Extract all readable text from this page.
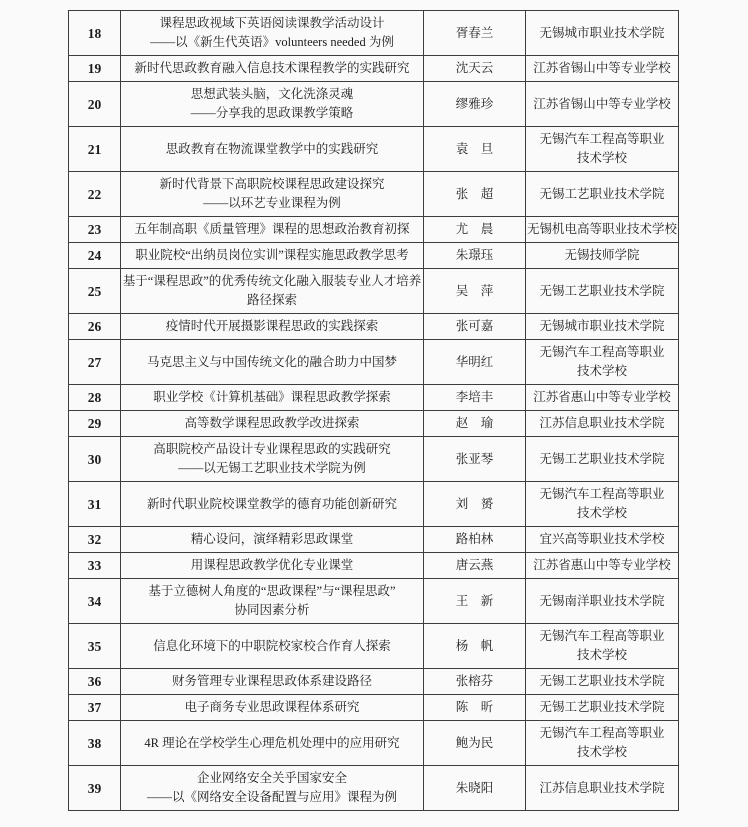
18	课程思政视域下英语阅读课教学活动设计
——以《新生代英语》volunteers needed 为例	胥春兰	无锡城市职业技术学院

19	新时代思政教育融入信息技术课程教学的实践研究	沈天云	江苏省锡山中等专业学校

20	思想武装头脑，文化洗涤灵魂
——分享我的思政课教学策略	缪雅珍	江苏省锡山中等专业学校

21	思政教育在物流课堂教学中的实践研究	袁　旦	无锡汽车工程高等职业
技术学校

22	新时代背景下高职院校课程思政建设探究
——以环艺专业课程为例	张　超	无锡工艺职业技术学院

23	五年制高职《质量管理》课程的思想政治教育初探	尤　晨	无锡机电高等职业技术学校

24	职业院校“出纳员岗位实训”课程实施思政教学思考	朱璟珏	无锡技师学院

25	基于“课程思政”的优秀传统文化融入服装专业人才培养
路径探索	吴　萍	无锡工艺职业技术学院

26	疫情时代开展摄影课程思政的实践探索	张可嘉	无锡城市职业技术学院

27	马克思主义与中国传统文化的融合助力中国梦	华明红	无锡汽车工程高等职业
技术学校

28	职业学校《计算机基础》课程思政教学探索	李培丰	江苏省惠山中等专业学校

29	高等数学课程思政教学改进探索	赵　瑜	江苏信息职业技术学院

30	高职院校产品设计专业课程思政的实践研究
——以无锡工艺职业技术学院为例	张亚琴	无锡工艺职业技术学院

31	新时代职业院校课堂教学的德育功能创新研究	刘　赟	无锡汽车工程高等职业
技术学校

32	精心设问，演绎精彩思政课堂	路柏林	宜兴高等职业技术学校

33	用课程思政教学优化专业课堂	唐云燕	江苏省惠山中等专业学校

34	基于立德树人角度的“思政课程”与“课程思政”
协同因素分析	王　新	无锡南洋职业技术学院

35	信息化环境下的中职院校家校合作育人探索	杨　帆	无锡汽车工程高等职业
技术学校

36	财务管理专业课程思政体系建设路径	张榕芬	无锡工艺职业技术学院

37	电子商务专业思政课程体系研究	陈　昕	无锡工艺职业技术学院

38	4R 理论在学校学生心理危机处理中的应用研究	鲍为民	无锡汽车工程高等职业
技术学校

39	企业网络安全关乎国家安全
——以《网络安全设备配置与应用》课程为例	朱晓阳	江苏信息职业技术学院
